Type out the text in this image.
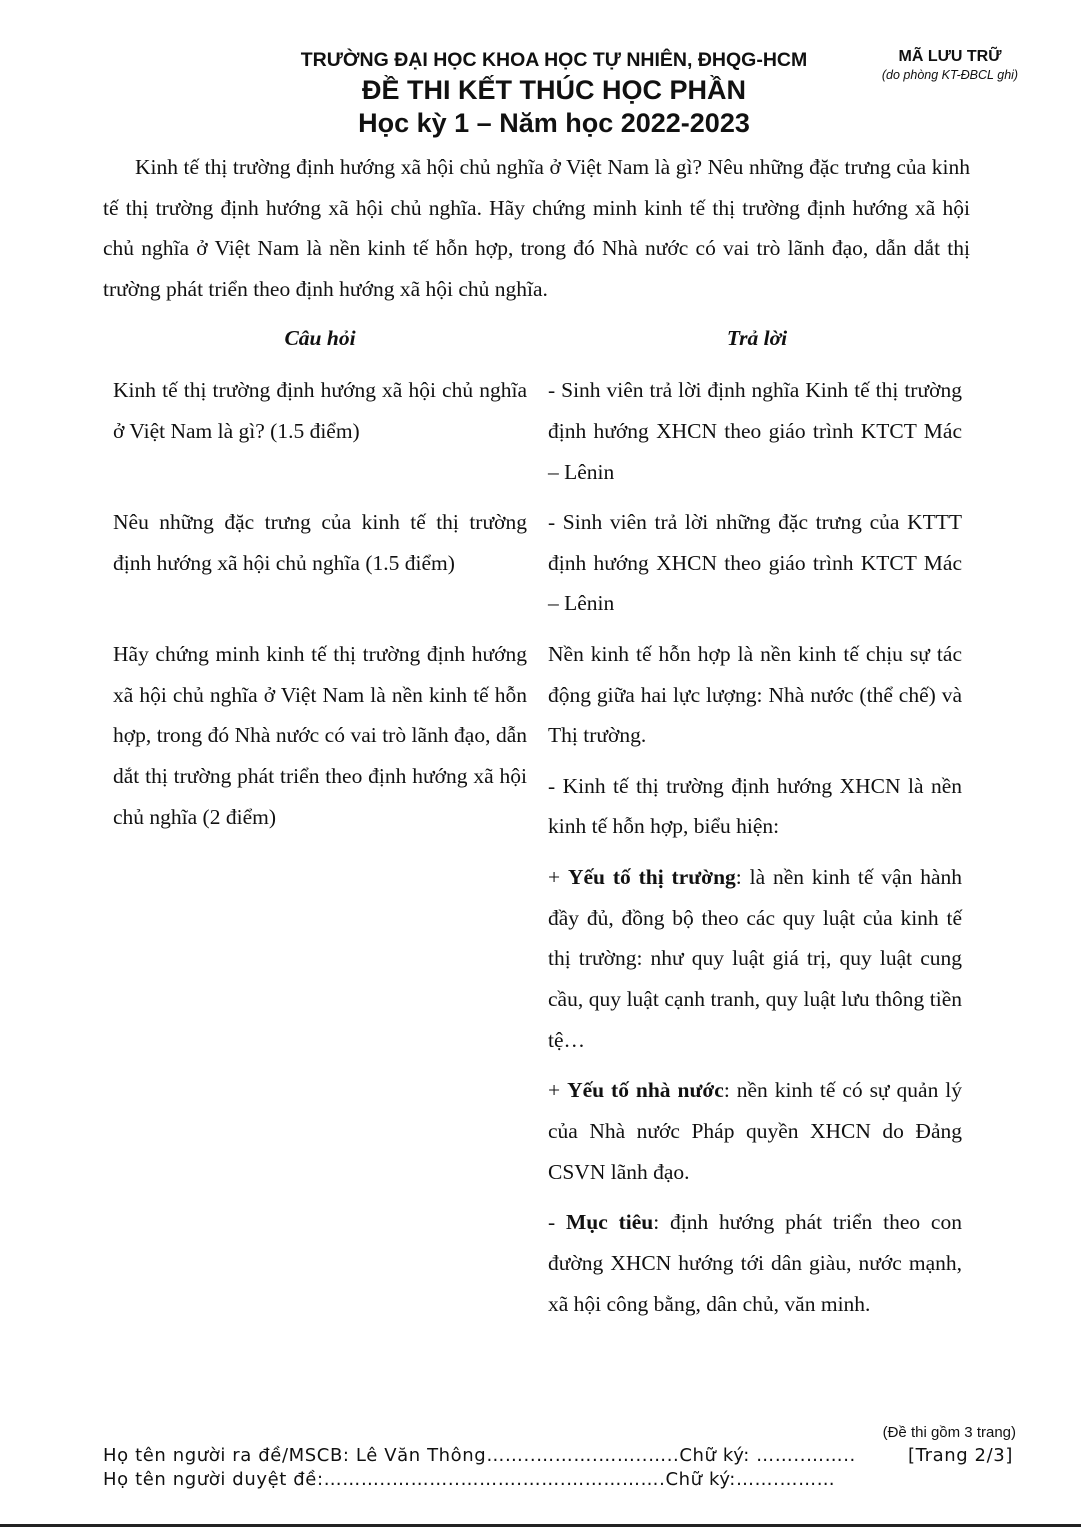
TRƯỜNG ĐẠI HỌC KHOA HỌC TỰ NHIÊN, ĐHQG-HCM
ĐỀ THI KẾT THÚC HỌC PHẦN
Học kỳ 1 – Năm học 2022-2023
MÃ LƯU TRỮ
(do phòng KT-ĐBCL ghi)
Kinh tế thị trường định hướng xã hội chủ nghĩa ở Việt Nam là gì? Nêu những đặc trưng của kinh tế thị trường định hướng xã hội chủ nghĩa. Hãy chứng minh kinh tế thị trường định hướng xã hội chủ nghĩa ở Việt Nam là nền kinh tế hỗn hợp, trong đó Nhà nước có vai trò lãnh đạo, dẫn dắt thị trường phát triển theo định hướng xã hội chủ nghĩa.
Câu hỏi	Trả lời

Kinh tế thị trường định hướng xã hội chủ nghĩa ở Việt Nam là gì? (1.5 điểm)

- Sinh viên trả lời định nghĩa Kinh tế thị trường định hướng XHCN theo giáo trình KTCT Mác – Lênin

Nêu những đặc trưng của kinh tế thị trường định hướng xã hội chủ nghĩa (1.5 điểm)

- Sinh viên trả lời những đặc trưng của KTTT định hướng XHCN theo giáo trình KTCT Mác – Lênin

Hãy chứng minh kinh tế thị trường định hướng xã hội chủ nghĩa ở Việt Nam là nền kinh tế hỗn hợp, trong đó Nhà nước có vai trò lãnh đạo, dẫn dắt thị trường phát triển theo định hướng xã hội chủ nghĩa (2 điểm)

Nền kinh tế hỗn hợp là nền kinh tế chịu sự tác động giữa hai lực lượng: Nhà nước (thể chế) và Thị trường.

- Kinh tế thị trường định hướng XHCN là nền kinh tế hỗn hợp, biểu hiện:

+ Yếu tố thị trường: là nền kinh tế vận hành đầy đủ, đồng bộ theo các quy luật của kinh tế thị trường: như quy luật giá trị, quy luật cung cầu, quy luật cạnh tranh, quy luật lưu thông tiền tệ…

+ Yếu tố nhà nước: nền kinh tế có sự quản lý của Nhà nước Pháp quyền XHCN do Đảng CSVN lãnh đạo.

- Mục tiêu: định hướng phát triển theo con đường XHCN hướng tới dân giàu, nước mạnh, xã hội công bằng, dân chủ, văn minh.

(Đề thi gồm 3 trang)
Họ tên người ra đề/MSCB: Lê Văn Thông……..……….……..…..Chữ ký: ……..……..
Họ tên người duyệt đề:………..………..……….…….…………….Chữ ký:…….………
[Trang 2/3]
